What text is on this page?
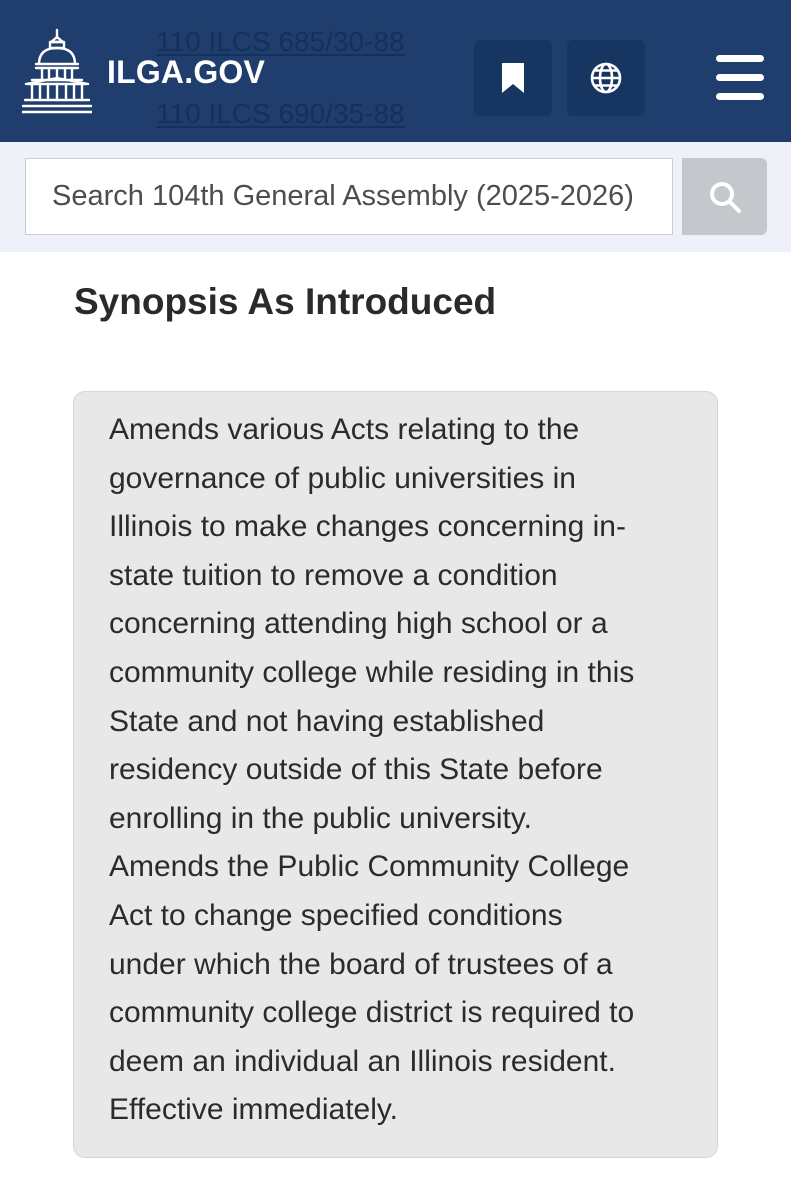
110 ILCS 685/30-88
110 ILCS 690/35-88
ILGA.GOV
Search 104th General Assembly (2025-2026)
Synopsis As Introduced
Amends various Acts relating to the
governance of public universities in
Illinois to make changes concerning in-
state tuition to remove a condition
concerning attending high school or a
community college while residing in this
State and not having established
residency outside of this State before
enrolling in the public university.
Amends the Public Community College
Act to change specified conditions
under which the board of trustees of a
community college district is required to
deem an individual an Illinois resident.
Effective immediately.
